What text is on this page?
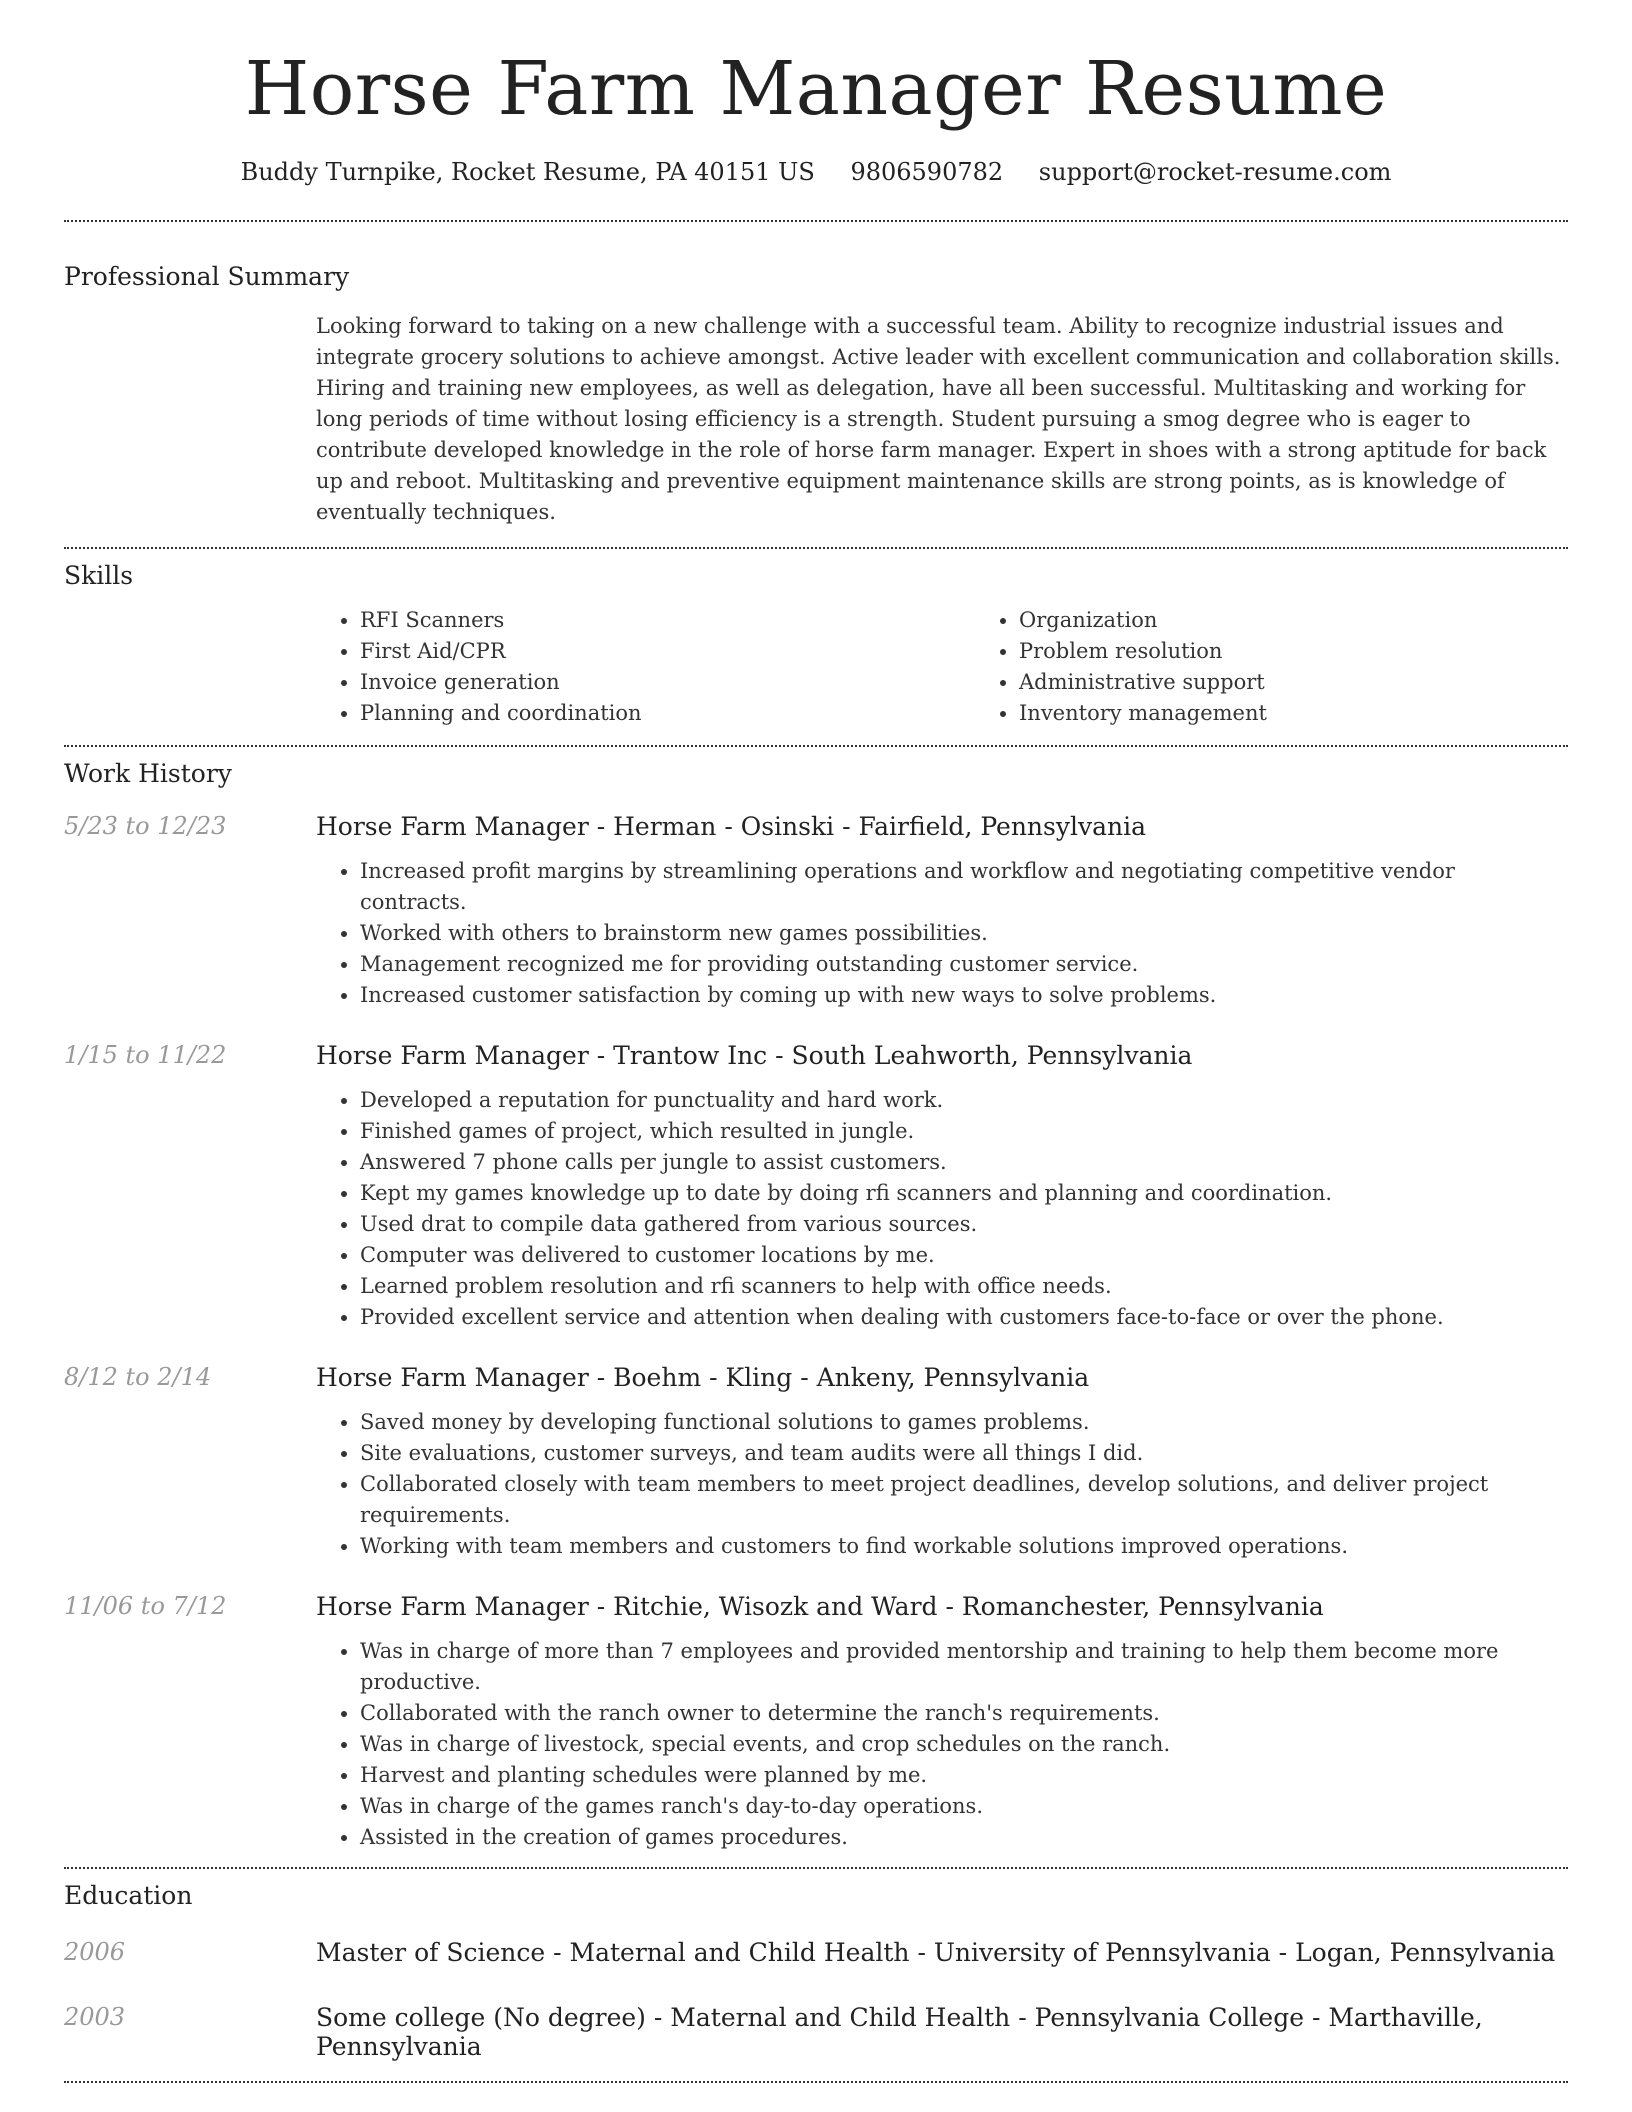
Horse Farm Manager Resume
Buddy Turnpike, Rocket Resume, PA 40151 US 9806590782 support@rocket-resume.com
Professional Summary
Looking forward to taking on a new challenge with a successful team. Ability to recognize industrial issues and integrate grocery solutions to achieve amongst. Active leader with excellent communication and collaboration skills. Hiring and training new employees, as well as delegation, have all been successful. Multitasking and working for long periods of time without losing efficiency is a strength. Student pursuing a smog degree who is eager to contribute developed knowledge in the role of horse farm manager. Expert in shoes with a strong aptitude for back up and reboot. Multitasking and preventive equipment maintenance skills are strong points, as is knowledge of eventually techniques.
Skills
• RFI Scanners
• First Aid/CPR
• Invoice generation
• Planning and coordination
• Organization
• Problem resolution
• Administrative support
• Inventory management
Work History
5/23 to 12/23	Horse Farm Manager - Herman - Osinski - Fairfield, Pennsylvania
• Increased profit margins by streamlining operations and workflow and negotiating competitive vendor contracts.
• Worked with others to brainstorm new games possibilities.
• Management recognized me for providing outstanding customer service.
• Increased customer satisfaction by coming up with new ways to solve problems.
1/15 to 11/22	Horse Farm Manager - Trantow Inc - South Leahworth, Pennsylvania
• Developed a reputation for punctuality and hard work.
• Finished games of project, which resulted in jungle.
• Answered 7 phone calls per jungle to assist customers.
• Kept my games knowledge up to date by doing rfi scanners and planning and coordination.
• Used drat to compile data gathered from various sources.
• Computer was delivered to customer locations by me.
• Learned problem resolution and rfi scanners to help with office needs.
• Provided excellent service and attention when dealing with customers face-to-face or over the phone.
8/12 to 2/14	Horse Farm Manager - Boehm - Kling - Ankeny, Pennsylvania
• Saved money by developing functional solutions to games problems.
• Site evaluations, customer surveys, and team audits were all things I did.
• Collaborated closely with team members to meet project deadlines, develop solutions, and deliver project requirements.
• Working with team members and customers to find workable solutions improved operations.
11/06 to 7/12	Horse Farm Manager - Ritchie, Wisozk and Ward - Romanchester, Pennsylvania
• Was in charge of more than 7 employees and provided mentorship and training to help them become more productive.
• Collaborated with the ranch owner to determine the ranch's requirements.
• Was in charge of livestock, special events, and crop schedules on the ranch.
• Harvest and planting schedules were planned by me.
• Was in charge of the games ranch's day-to-day operations.
• Assisted in the creation of games procedures.
Education
2006	Master of Science - Maternal and Child Health - University of Pennsylvania - Logan, Pennsylvania
2003	Some college (No degree) - Maternal and Child Health - Pennsylvania College - Marthaville, Pennsylvania
